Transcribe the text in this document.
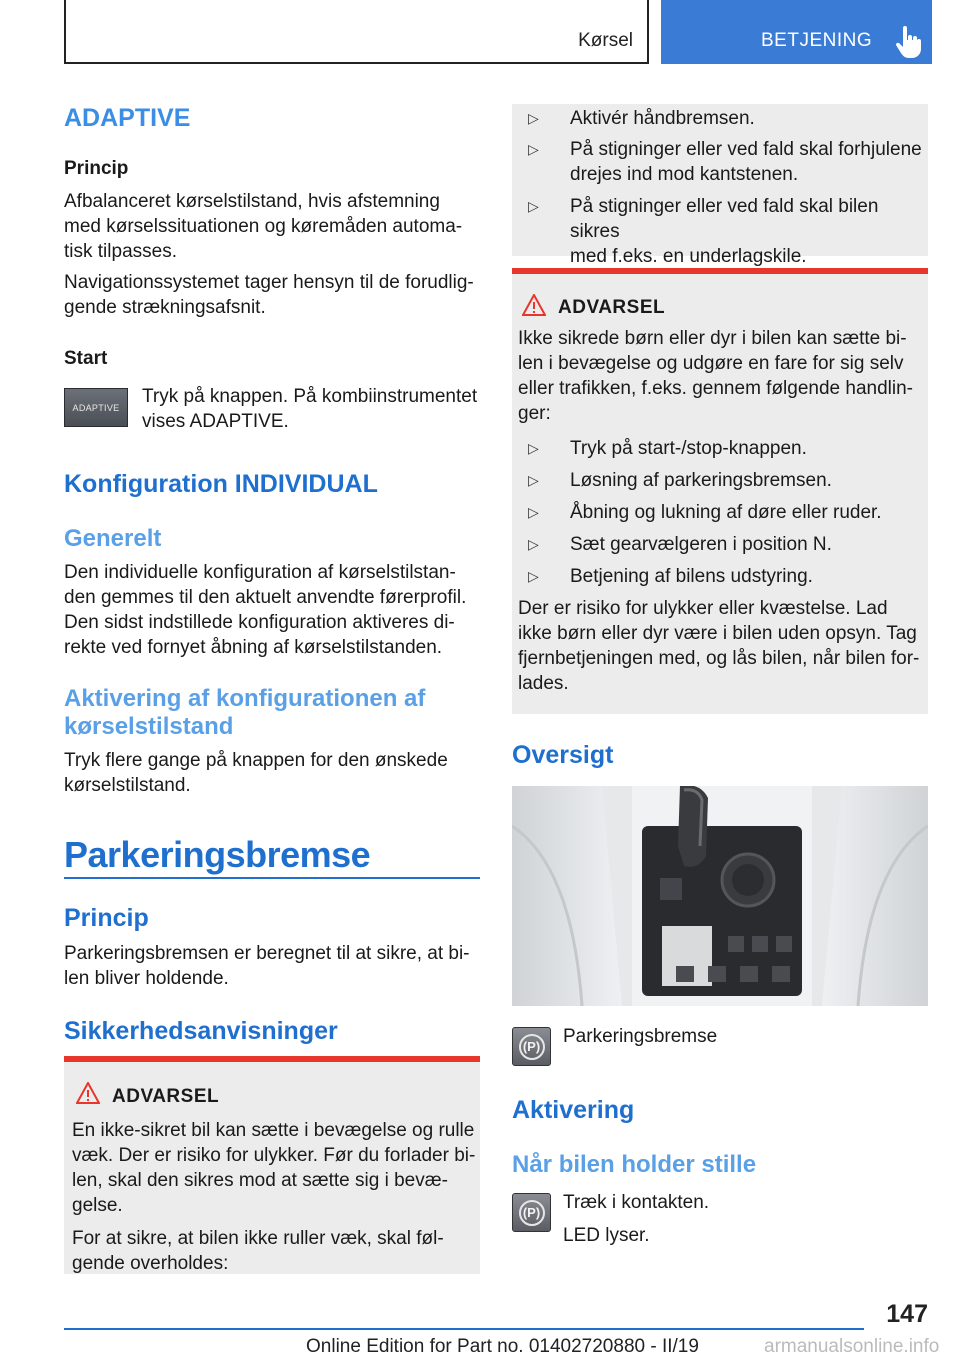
Kørsel	BETJENING
ADAPTIVE
Princip
Afbalanceret kørselstilstand, hvis afstemning
med kørselssituationen og køremåden automa-
tisk tilpasses.
Navigationssystemet tager hensyn til de forudlig-
gende strækningsafsnit.
Start
ADAPTIVE
Tryk på knappen. På kombiinstrumentet
vises ADAPTIVE.
Konfiguration INDIVIDUAL
Generelt
Den individuelle konfiguration af kørselstilstan-
den gemmes til den aktuelt anvendte førerprofil.
Den sidst indstillede konfiguration aktiveres di-
rekte ved fornyet åbning af kørselstilstanden.
Aktivering af konfigurationen af
kørselstilstand
Tryk flere gange på knappen for den ønskede
kørselstilstand.
Parkeringsbremse
Princip
Parkeringsbremsen er beregnet til at sikre, at bi-
len bliver holdende.
Sikkerhedsanvisninger
ADVARSEL
En ikke-sikret bil kan sætte i bevægelse og rulle
væk. Der er risiko for ulykker. Før du forlader bi-
len, skal den sikres mod at sætte sig i bevæ-
gelse.
For at sikre, at bilen ikke ruller væk, skal føl-
gende overholdes:
▷ Aktivér håndbremsen.
▷ På stigninger eller ved fald skal forhjulene
drejes ind mod kantstenen.
▷ På stigninger eller ved fald skal bilen sikres
med f.eks. en underlagskile.
ADVARSEL
Ikke sikrede børn eller dyr i bilen kan sætte bi-
len i bevægelse og udgøre en fare for sig selv
eller trafikken, f.eks. gennem følgende handlin-
ger:
▷ Tryk på start-/stop-knappen.
▷ Løsning af parkeringsbremsen.
▷ Åbning og lukning af døre eller ruder.
▷ Sæt gearvælgeren i position N.
▷ Betjening af bilens udstyring.
Der er risiko for ulykker eller kvæstelse. Lad
ikke børn eller dyr være i bilen uden opsyn. Tag
fjernbetjeningen med, og lås bilen, når bilen for-
lades.
Oversigt
(P) Parkeringsbremse
Aktivering
Når bilen holder stille
(P) Træk i kontakten.
LED lyser.
147
Online Edition for Part no. 01402720880 - II/19	armanualsonline.info
